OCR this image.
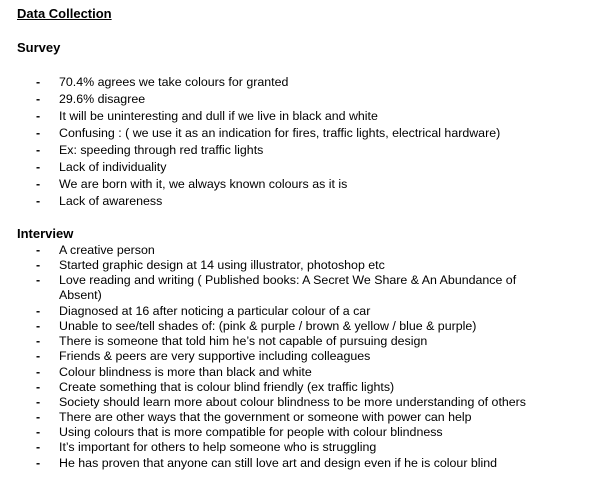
Data Collection
Survey
- 70.4% agrees we take colours for granted
- 29.6% disagree
- It will be uninteresting and dull if we live in black and white
- Confusing : ( we use it as an indication for fires, traffic lights, electrical hardware)
- Ex: speeding through red traffic lights
- Lack of individuality
- We are born with it, we always known colours as it is
- Lack of awareness
Interview
- A creative person
- Started graphic design at 14 using illustrator, photoshop etc
- Love reading and writing ( Published books: A Secret We Share & An Abundance of Absent)
- Diagnosed at 16 after noticing a particular colour of a car
- Unable to see/tell shades of: (pink & purple / brown & yellow / blue & purple)
- There is someone that told him he’s not capable of pursuing design
- Friends & peers are very supportive including colleagues
- Colour blindness is more than black and white
- Create something that is colour blind friendly (ex traffic lights)
- Society should learn more about colour blindness to be more understanding of others
- There are other ways that the government or someone with power can help
- Using colours that is more compatible for people with colour blindness
- It’s important for others to help someone who is struggling
- He has proven that anyone can still love art and design even if he is colour blind
